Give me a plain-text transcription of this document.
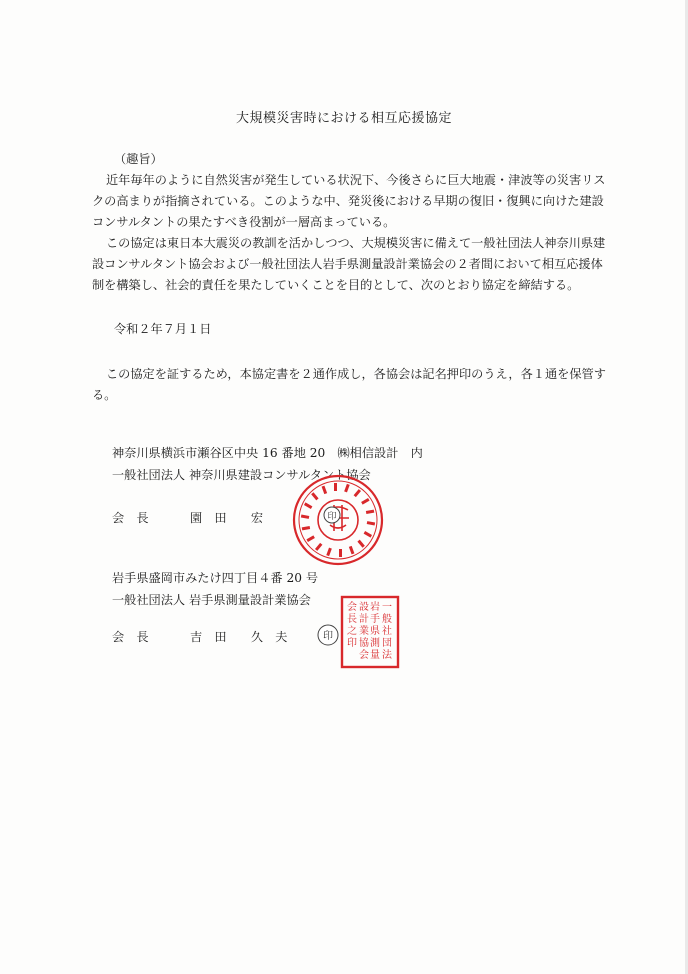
大規模災害時における相互応援協定
（趣旨）
近年毎年のように自然災害が発生している状況下、今後さらに巨大地震・津波等の災害リス
クの高まりが指摘されている。このような中、発災後における早期の復旧・復興に向けた建設
コンサルタントの果たすべき役割が一層高まっている。
この協定は東日本大震災の教訓を活かしつつ、大規模災害に備えて一般社団法人神奈川県建
設コンサルタント協会および一般社団法人岩手県測量設計業協会の２者間において相互応援体
制を構築し、社会的責任を果たしていくことを目的として、次のとおり協定を締結する。
令和２年７月１日
この協定を証するため，本協定書を２通作成し，各協会は記名押印のうえ，各１通を保管す
る。
神奈川県横浜市瀬谷区中央 16 番地 20　㈱相信設計　内
一般社団法人 神奈川県建設コンサルタント協会
会　長	園　田　　宏	印
岩手県盛岡市みたけ四丁目４番 20 号
一般社団法人 岩手県測量設計業協会
会　長	吉　田　　久　夫	印
一
般
社
団
法
岩
手
県
測
量
設
計
業
協
会
会
長
之
印
